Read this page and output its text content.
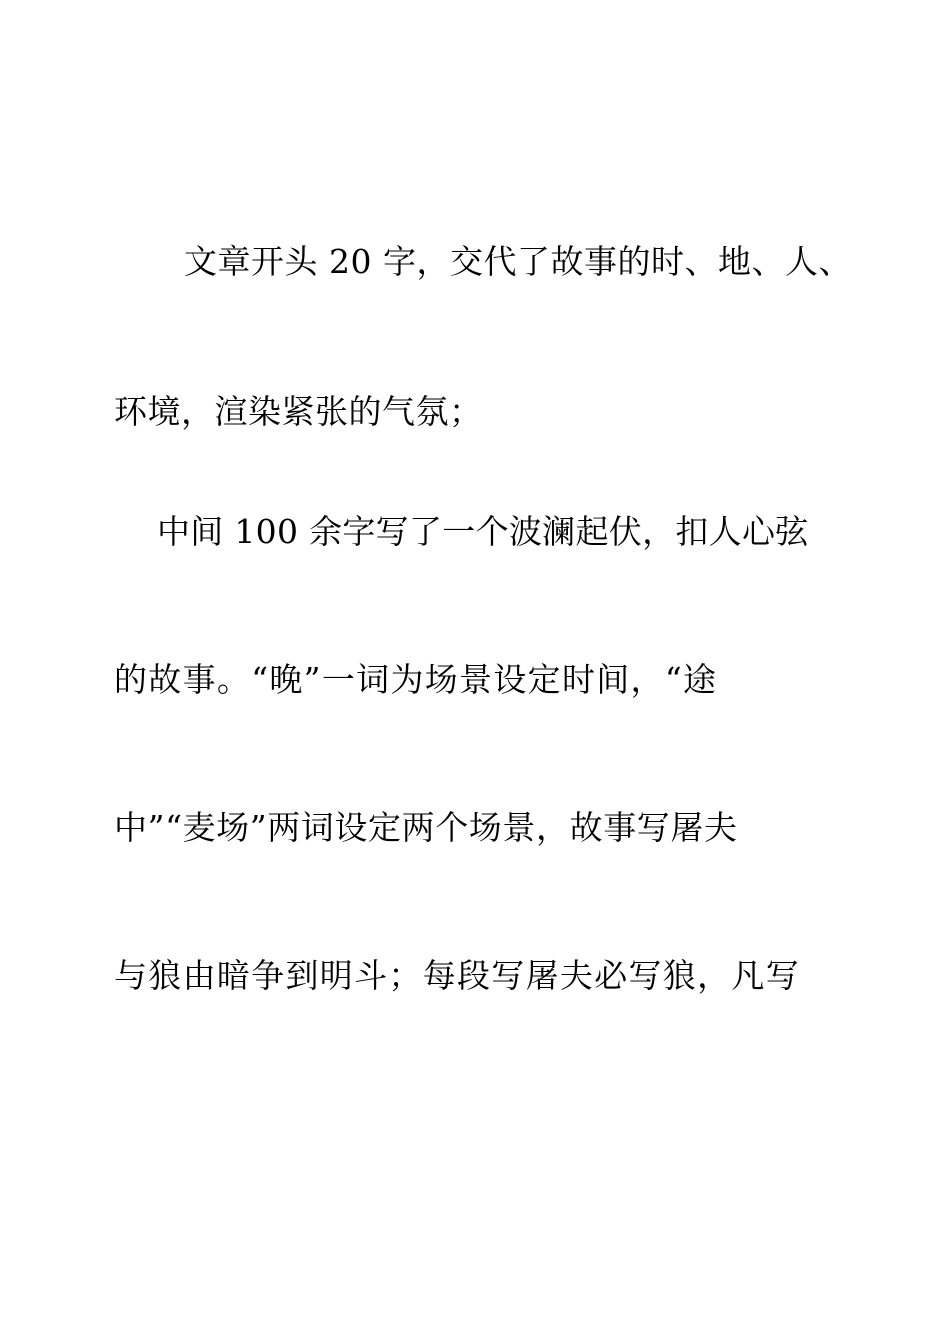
文章开头 20 字，交代了故事的时、地、人、
环境，渲染紧张的气氛；
中间 100 余字写了一个波澜起伏，扣人心弦
的故事。“晚”一词为场景设定时间，“途
中”“麦场”两词设定两个场景，故事写屠夫
与狼由暗争到明斗；每段写屠夫必写狼，凡写
